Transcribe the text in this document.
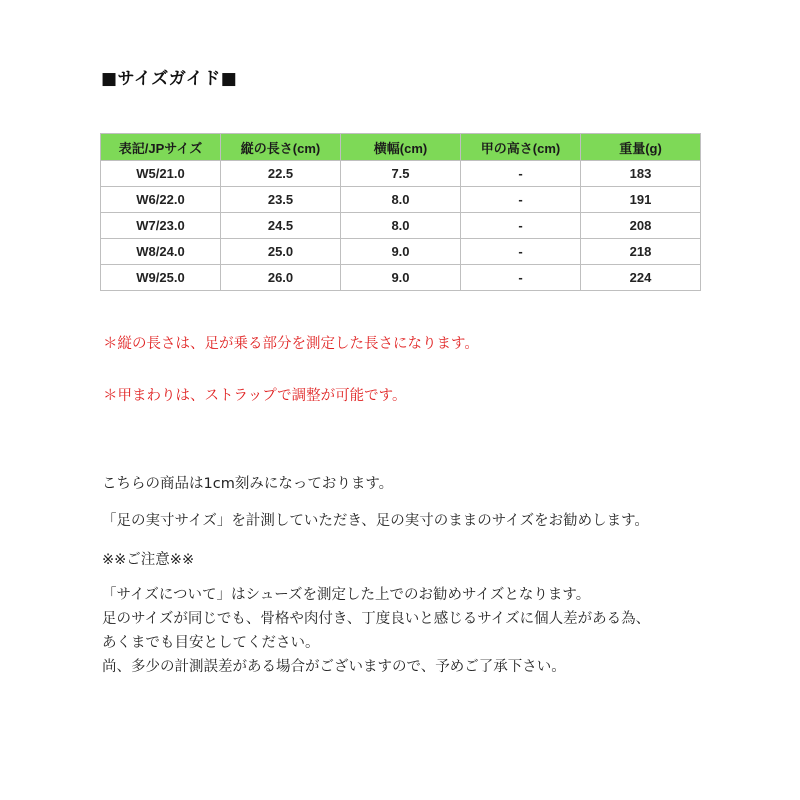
■サイズガイド■
表記/JPサイズ	縦の長さ(cm)	横幅(cm)	甲の高さ(cm)	重量(g)
W5/21.0	22.5	7.5	-	183
W6/22.0	23.5	8.0	-	191
W7/23.0	24.5	8.0	-	208
W8/24.0	25.0	9.0	-	218
W9/25.0	26.0	9.0	-	224
＊縦の長さは、足が乗る部分を測定した長さになります。
＊甲まわりは、ストラップで調整が可能です。
こちらの商品は1cm刻みになっております。
「足の実寸サイズ」を計測していただき、足の実寸のままのサイズをお勧めします。
※※ご注意※※
「サイズについて」はシューズを測定した上でのお勧めサイズとなります。
足のサイズが同じでも、骨格や肉付き、丁度良いと感じるサイズに個人差がある為、
あくまでも目安としてください。
尚、多少の計測誤差がある場合がございますので、予めご了承下さい。
